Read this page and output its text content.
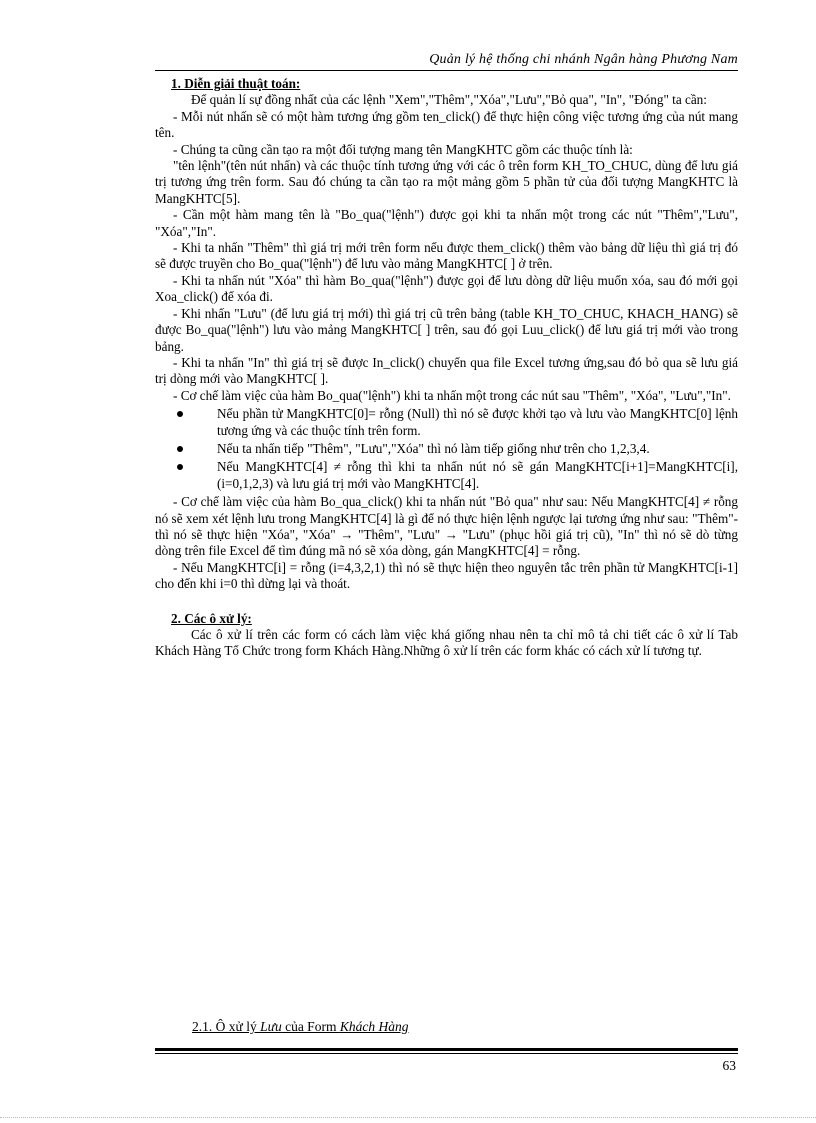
Quản lý hệ thống chi nhánh Ngân hàng Phương Nam

1. Diễn giải thuật toán:

Để quản lí sự đồng nhất của các lệnh "Xem","Thêm","Xóa","Lưu","Bỏ qua", "In", "Đóng" ta cần:

- Mỗi nút nhấn sẽ có một hàm tương ứng gồm ten_click() để thực hiện công việc tương ứng của nút mang tên.

- Chúng ta cũng cần tạo ra một đối tượng mang tên MangKHTC gồm các thuộc tính là:

"tên lệnh"(tên nút nhấn) và các thuộc tính tương ứng với các ô trên form KH_TO_CHUC, dùng để lưu giá trị tương ứng trên form. Sau đó chúng ta cần tạo ra một mảng gồm 5 phần tử của đối tượng MangKHTC là MangKHTC[5].

- Cần một hàm mang tên là "Bo_qua("lệnh") được gọi khi ta nhấn một trong các nút "Thêm","Lưu", "Xóa","In".

- Khi ta nhấn "Thêm" thì giá trị mới trên form nếu được them_click() thêm vào bảng dữ liệu thì giá trị đó sẽ được truyền cho Bo_qua("lệnh") để lưu vào mảng MangKHTC[ ] ở trên.

- Khi ta nhấn nút "Xóa" thì hàm Bo_qua("lệnh") được gọi để lưu dòng dữ liệu muốn xóa, sau đó mới gọi Xoa_click() để xóa đi.

- Khi nhấn "Lưu" (để lưu giá trị mới) thì giá trị cũ trên bảng (table KH_TO_CHUC, KHACH_HANG) sẽ được Bo_qua("lệnh") lưu vào mảng MangKHTC[ ] trên, sau đó gọi Luu_click() để lưu giá trị mới vào trong bảng.

- Khi ta nhấn "In" thì giá trị sẽ được In_click() chuyển qua file Excel tương ứng,sau đó bỏ qua sẽ lưu giá trị dòng mới vào MangKHTC[ ].

- Cơ chế làm việc của hàm Bo_qua("lệnh") khi ta nhấn một trong các nút sau "Thêm", "Xóa", "Lưu","In".

Nếu phần tử MangKHTC[0]= rỗng (Null) thì nó sẽ được khởi tạo và lưu vào MangKHTC[0] lệnh tương ứng và các thuộc tính trên form.
Nếu ta nhấn tiếp "Thêm", "Lưu","Xóa" thì nó làm tiếp giống như trên cho 1,2,3,4.
Nếu MangKHTC[4] ≠ rỗng thì khi ta nhấn nút nó sẽ gán MangKHTC[i+1]=MangKHTC[i], (i=0,1,2,3) và lưu giá trị mới vào MangKHTC[4].

- Cơ chế làm việc của hàm Bo_qua_click() khi ta nhấn nút "Bỏ qua" như sau: Nếu MangKHTC[4] ≠ rỗng nó sẽ xem xét lệnh lưu trong MangKHTC[4] là gì để nó thực hiện lệnh ngược lại tương ứng như sau: "Thêm"- thì nó sẽ thực hiện "Xóa", "Xóa" → "Thêm", "Lưu" → "Lưu" (phục hồi giá trị cũ), "In" thì nó sẽ dò từng dòng trên file Excel để tìm đúng mã nó sẽ xóa dòng, gán MangKHTC[4] = rỗng.

- Nếu MangKHTC[i] = rỗng (i=4,3,2,1) thì nó sẽ thực hiện theo nguyên tắc trên phần tử MangKHTC[i-1] cho đến khi i=0 thì dừng lại và thoát.

2. Các ô xử lý:

Các ô xử lí trên các form có cách làm việc khá giống nhau nên ta chỉ mô tả chi tiết các ô xử lí Tab Khách Hàng Tổ Chức trong form Khách Hàng.Những ô xử lí trên các form khác có cách xử lí tương tự.

2.1. Ô xử lý Lưu của Form Khách Hàng
63
